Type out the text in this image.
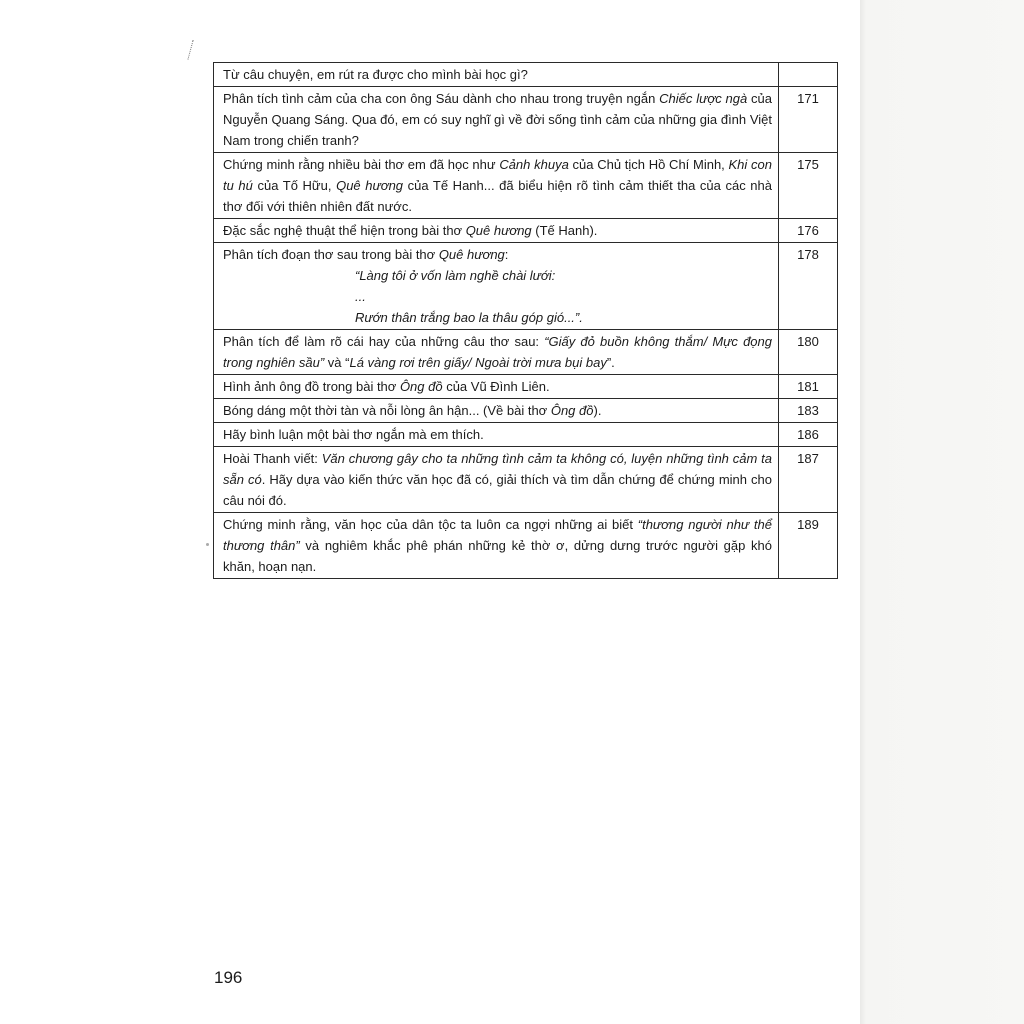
Từ câu chuyện, em rút ra được cho mình bài học gì?	
Phân tích tình cảm của cha con ông Sáu dành cho nhau trong truyện ngắn Chiếc lược ngà của Nguyễn Quang Sáng. Qua đó, em có suy nghĩ gì về đời sống tình cảm của những gia đình Việt Nam trong chiến tranh?	171
Chứng minh rằng nhiều bài thơ em đã học như Cảnh khuya của Chủ tịch Hồ Chí Minh, Khi con tu hú của Tố Hữu, Quê hương của Tế Hanh... đã biểu hiện rõ tình cảm thiết tha của các nhà thơ đối với thiên nhiên đất nước.	175
Đặc sắc nghệ thuật thể hiện trong bài thơ Quê hương (Tế Hanh).	176
Phân tích đoạn thơ sau trong bài thơ Quê hương:
“Làng tôi ở vốn làm nghề chài lưới:
...
Rướn thân trắng bao la thâu góp gió...”.	178
Phân tích để làm rõ cái hay của những câu thơ sau: “Giấy đỏ buồn không thắm/ Mực đọng trong nghiên sầu” và “Lá vàng rơi trên giấy/ Ngoài trời mưa bụi bay”.	180
Hình ảnh ông đồ trong bài thơ Ông đồ của Vũ Đình Liên.	181
Bóng dáng một thời tàn và nỗi lòng ân hận... (Về bài thơ Ông đồ).	183
Hãy bình luận một bài thơ ngắn mà em thích.	186
Hoài Thanh viết: Văn chương gây cho ta những tình cảm ta không có, luyện những tình cảm ta sẵn có. Hãy dựa vào kiến thức văn học đã có, giải thích và tìm dẫn chứng để chứng minh cho câu nói đó.	187
Chứng minh rằng, văn học của dân tộc ta luôn ca ngợi những ai biết “thương người như thể thương thân” và nghiêm khắc phê phán những kẻ thờ ơ, dửng dưng trước người gặp khó khăn, hoạn nạn.	189
196
